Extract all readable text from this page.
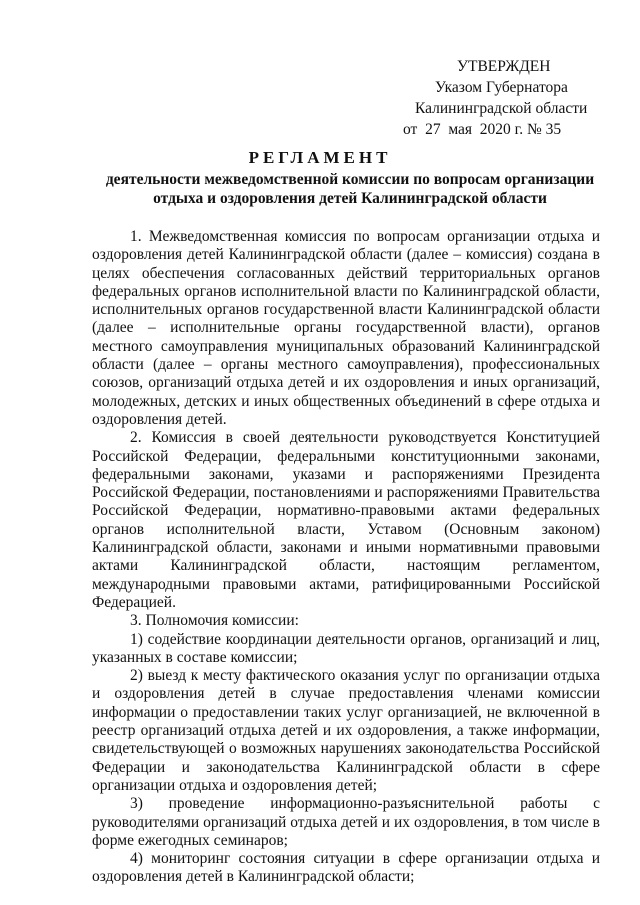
УТВЕРЖДЕН
Указом Губернатора
Калининградской области
от  27  мая  2020 г. № 35
РЕГЛАМЕНТ
деятельности межведомственной комиссии по вопросам организации отдыха и оздоровления детей Калининградской области

1. Межведомственная комиссия по вопросам организации отдыха и оздоровления детей Калининградской области (далее – комиссия) создана в целях обеспечения согласованных действий территориальных органов федеральных органов исполнительной власти по Калининградской области, исполнительных органов государственной власти Калининградской области (далее – исполнительные органы государственной власти), органов местного самоуправления муниципальных образований Калининградской области (далее – органы местного самоуправления), профессиональных союзов, организаций отдыха детей и их оздоровления и иных организаций, молодежных, детских и иных общественных объединений в сфере отдыха и оздоровления детей.

2. Комиссия в своей деятельности руководствуется Конституцией Российской Федерации, федеральными конституционными законами, федеральными законами, указами и распоряжениями Президента Российской Федерации, постановлениями и распоряжениями Правительства Российской Федерации, нормативно-правовыми актами федеральных органов исполнительной власти, Уставом (Основным законом) Калининградской области, законами и иными нормативными правовыми актами Калининградской области, настоящим регламентом, международными правовыми актами, ратифицированными Российской Федерацией.

3. Полномочия комиссии:

1) содействие координации деятельности органов, организаций и лиц, указанных в составе комиссии;

2) выезд к месту фактического оказания услуг по организации отдыха и оздоровления детей в случае предоставления членами комиссии информации о предоставлении таких услуг организацией, не включенной в реестр организаций отдыха детей и их оздоровления, а также информации, свидетельствующей о возможных нарушениях законодательства Российской Федерации и законодательства Калининградской области в сфере организации отдыха и оздоровления детей;

3) проведение информационно-разъяснительной работы с руководителями организаций отдыха детей и их оздоровления, в том числе в форме ежегодных семинаров;

4) мониторинг состояния ситуации в сфере организации отдыха и оздоровления детей в Калининградской области;
